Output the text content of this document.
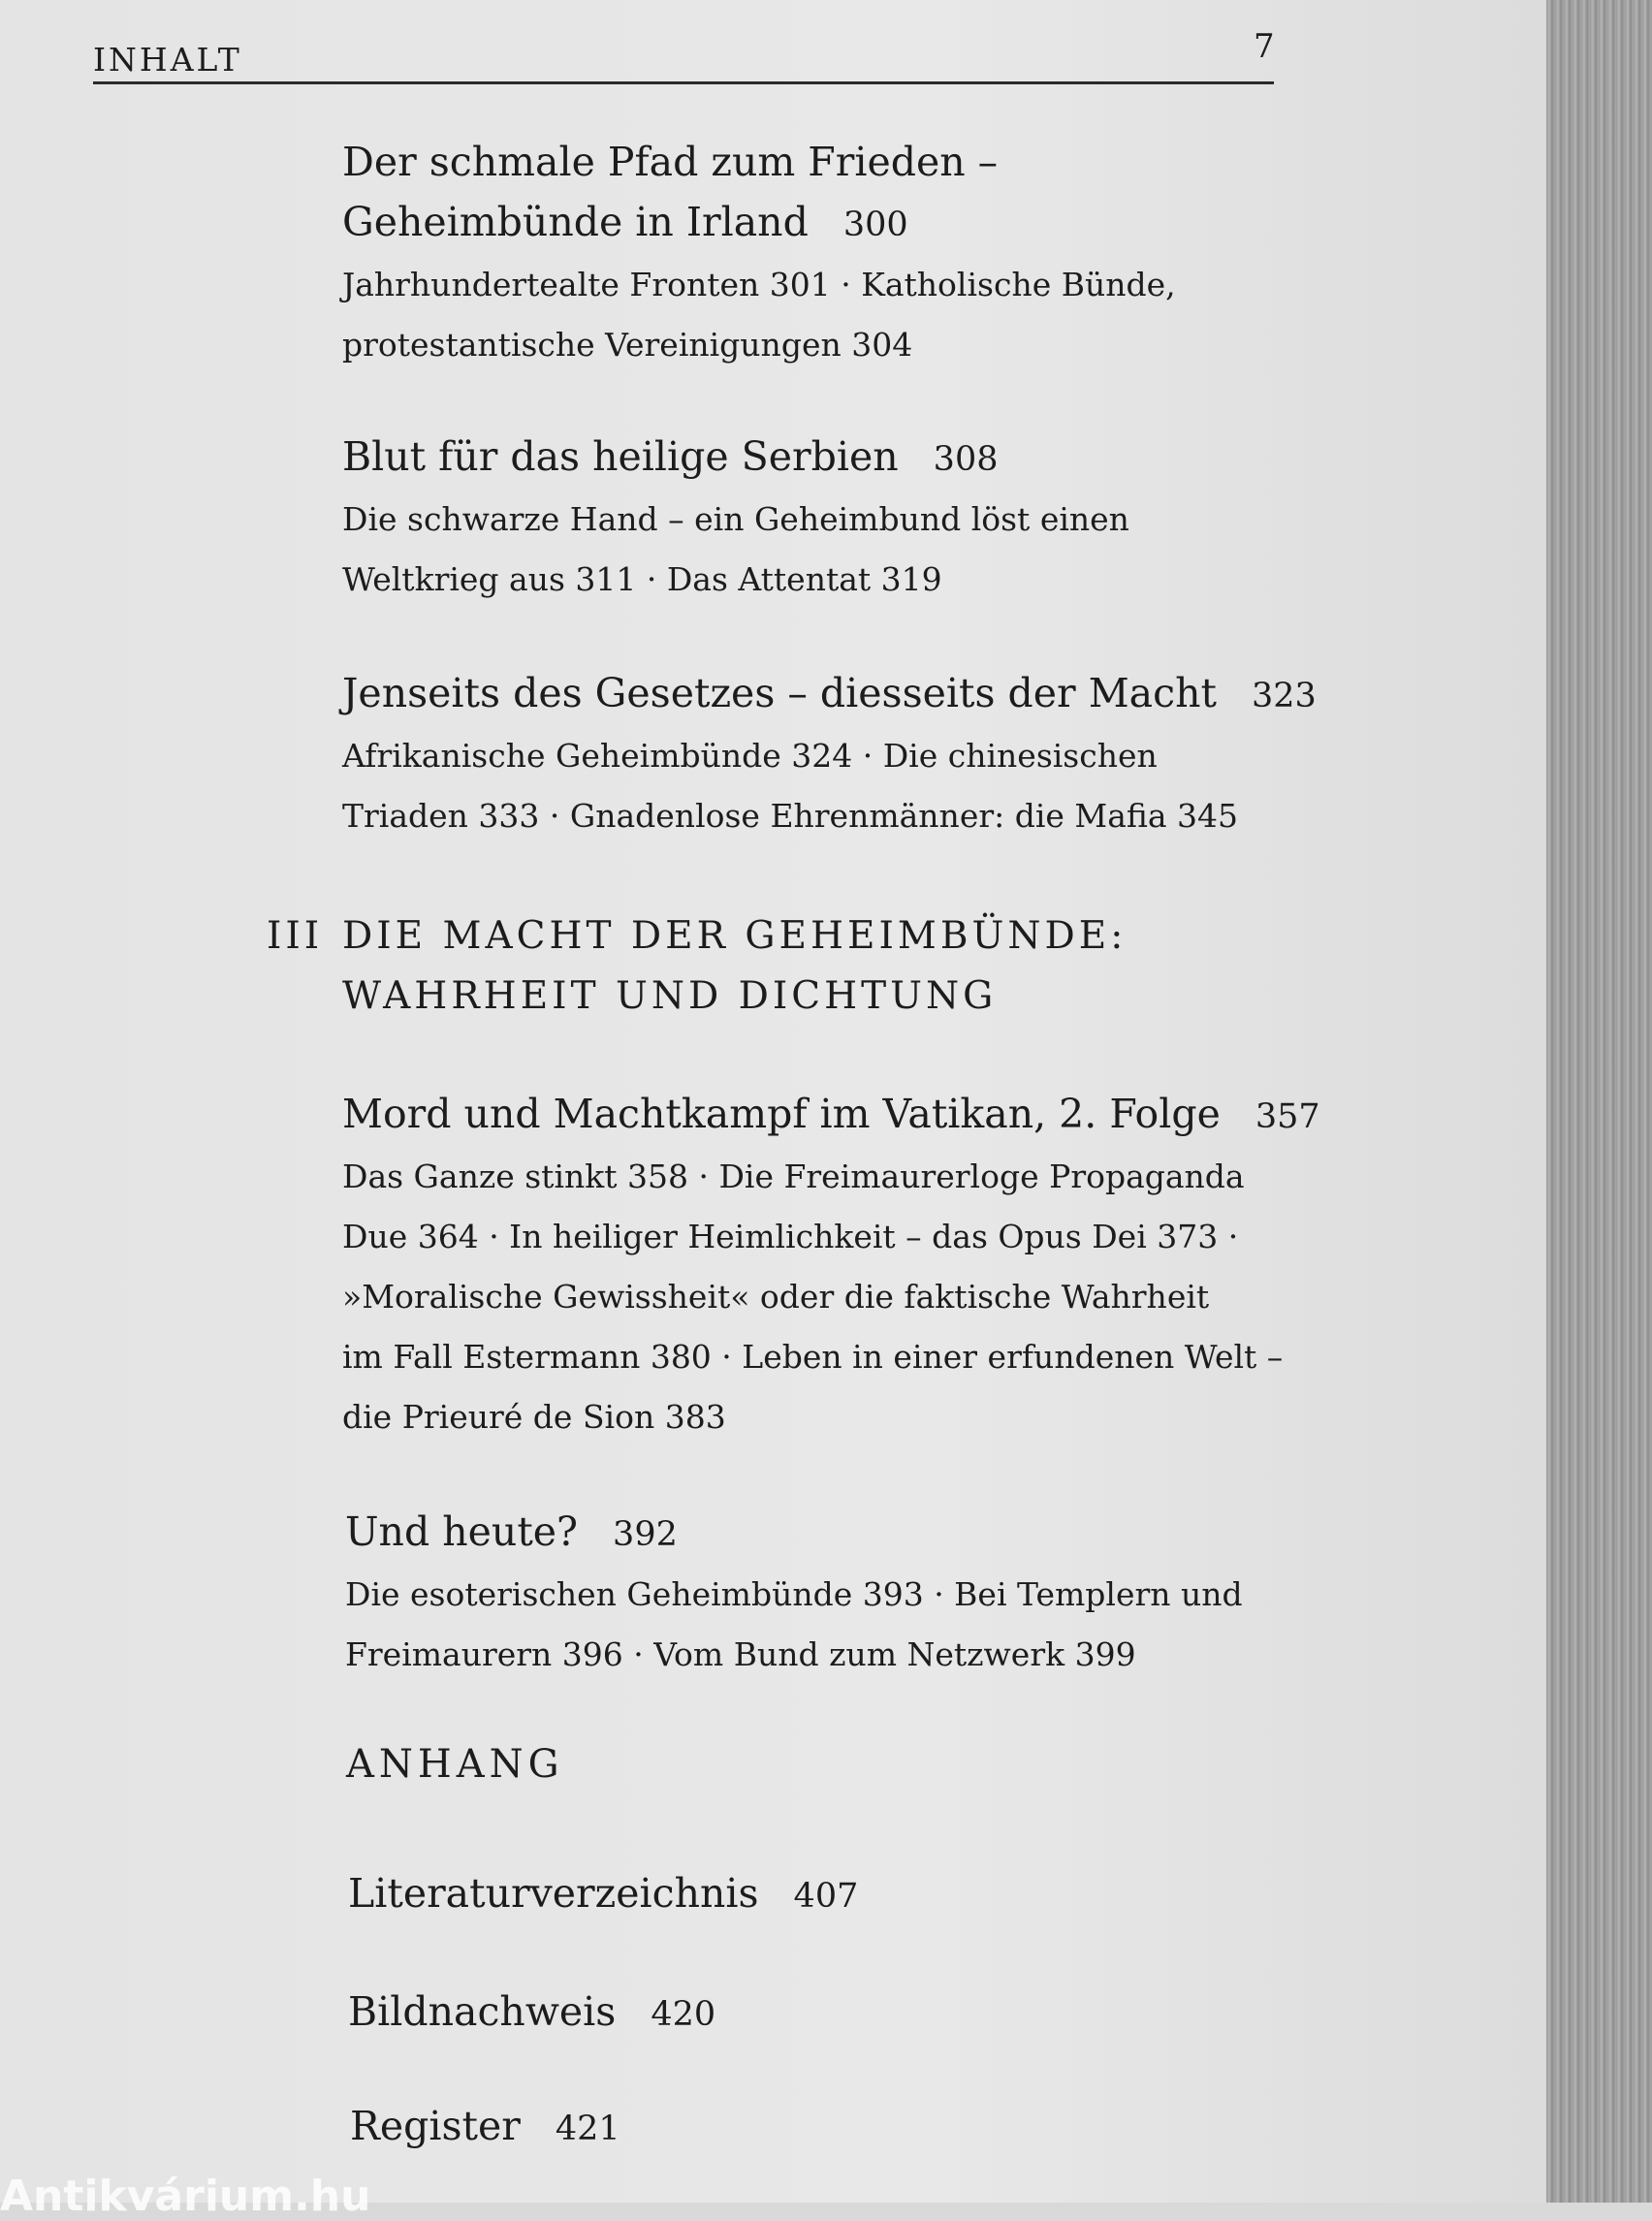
INHALT	7
Der schmale Pfad zum Frieden –
Geheimbünde in Irland 300
Jahrhundertealte Fronten 301 · Katholische Bünde,
protestantische Vereinigungen 304
Blut für das heilige Serbien 308
Die schwarze Hand – ein Geheimbund löst einen
Weltkrieg aus 311 · Das Attentat 319
Jenseits des Gesetzes – diesseits der Macht 323
Afrikanische Geheimbünde 324 · Die chinesischen
Triaden 333 · Gnadenlose Ehrenmänner: die Mafia 345
III DIE MACHT DER GEHEIMBÜNDE:
WAHRHEIT UND DICHTUNG
Mord und Machtkampf im Vatikan, 2. Folge 357
Das Ganze stinkt 358 · Die Freimaurerloge Propaganda
Due 364 · In heiliger Heimlichkeit – das Opus Dei 373 ·
»Moralische Gewissheit« oder die faktische Wahrheit
im Fall Estermann 380 · Leben in einer erfundenen Welt –
die Prieuré de Sion 383
Und heute? 392
Die esoterischen Geheimbünde 393 · Bei Templern und
Freimaurern 396 · Vom Bund zum Netzwerk 399
ANHANG
Literaturverzeichnis 407
Bildnachweis 420
Register 421
Antikvárium.hu
